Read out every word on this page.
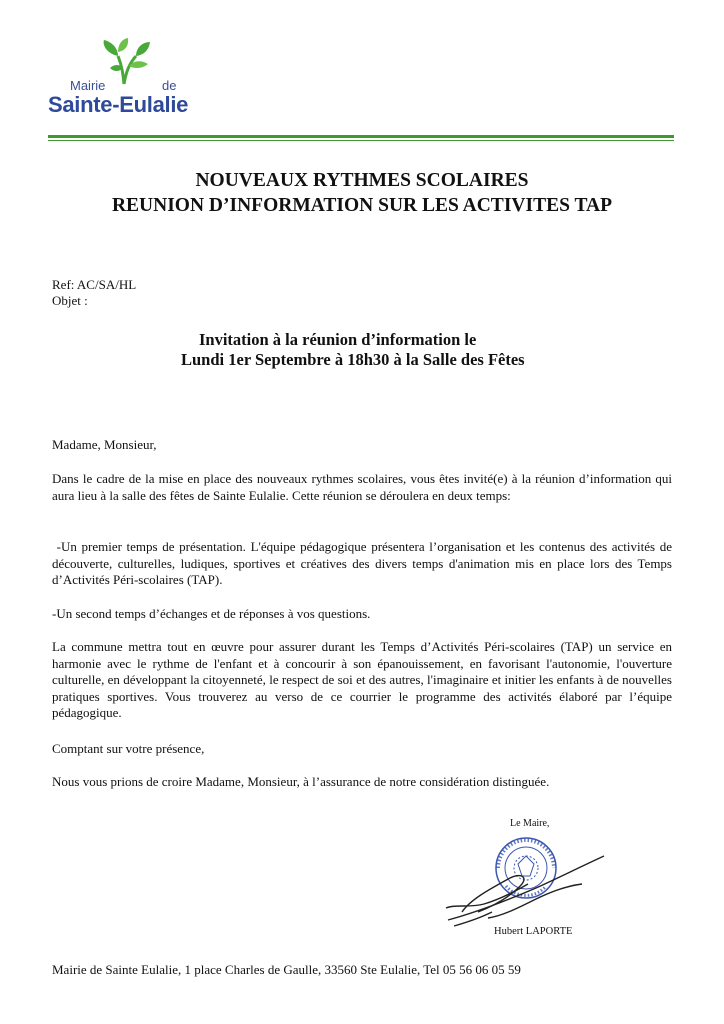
Mairie	de
Sainte-Eulalie
NOUVEAUX RYTHMES SCOLAIRES
REUNION D’INFORMATION SUR LES ACTIVITES TAP
Ref: AC/SA/HL
Objet :
Invitation à la réunion d’information le
Lundi 1er Septembre à 18h30 à la Salle des Fêtes

Madame, Monsieur,

Dans le cadre de la mise en place des nouveaux rythmes scolaires, vous êtes invité(e) à la réunion d’information qui aura lieu à la salle des fêtes de Sainte Eulalie. Cette réunion se déroulera en deux temps:

-Un premier temps de présentation. L'équipe pédagogique présentera l’organisation et les contenus des activités de découverte, culturelles, ludiques, sportives et créatives des divers temps d'animation mis en place lors des Temps d’Activités Péri-scolaires (TAP).

-Un second temps d’échanges et de réponses à vos questions.

La commune mettra tout en œuvre pour assurer durant les Temps d’Activités Péri-scolaires (TAP) un service en harmonie avec le rythme de l'enfant et à concourir à son épanouissement, en favorisant l'autonomie, l'ouverture culturelle, en développant la citoyenneté, le respect de soi et des autres, l'imaginaire et initier les enfants à de nouvelles pratiques sportives. Vous trouverez au verso de ce courrier le programme des activités élaboré par l’équipe pédagogique.

Comptant sur votre présence,

Nous vous prions de croire Madame, Monsieur, à l’assurance de notre considération distinguée.

Le Maire,
Hubert LAPORTE
Mairie de Sainte Eulalie, 1 place Charles de Gaulle, 33560 Ste Eulalie, Tel 05 56 06 05 59
